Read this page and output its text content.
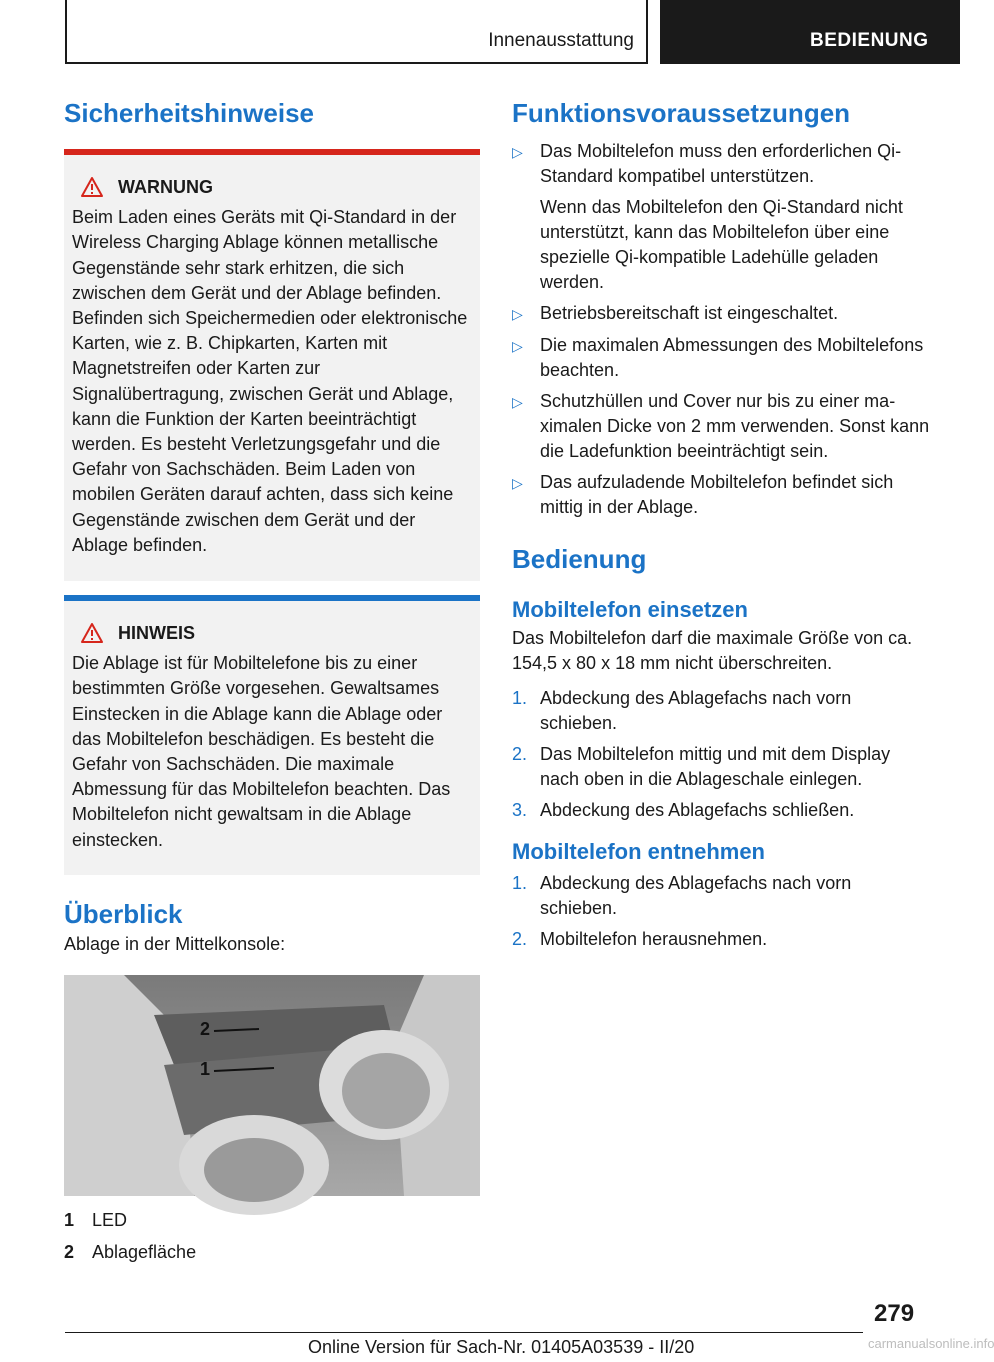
Innenausstattung	BEDIENUNG
Sicherheitshinweise
WARNUNG

Beim Laden eines Geräts mit Qi-Standard in der Wireless Charging Ablage können metallische Gegenstände sehr stark erhitzen, die sich zwischen dem Gerät und der Ablage befinden. Befinden sich Speichermedien oder elektronische Karten, wie z. B. Chipkarten, Karten mit Magnetstreifen oder Karten zur Signalübertragung, zwischen Gerät und Ablage, kann die Funktion der Karten beeinträchtigt werden. Es besteht Verletzungsgefahr und die Gefahr von Sachschäden. Beim Laden von mobilen Geräten darauf achten, dass sich keine Gegenstände zwischen dem Gerät und der Ablage befinden.

HINWEIS

Die Ablage ist für Mobiltelefone bis zu einer bestimmten Größe vorgesehen. Gewaltsames Einstecken in die Ablage kann die Ablage oder das Mobiltelefon beschädigen. Es besteht die Gefahr von Sachschäden. Die maximale Abmessung für das Mobiltelefon beachten. Das Mobiltelefon nicht gewaltsam in die Ablage einstecken.

Überblick

Ablage in der Mittelkonsole:

2
1
1 LED
2 Ablagefläche
Funktionsvoraussetzungen
▷ Das Mobiltelefon muss den erforderlichen Qi-Standard kompatibel unterstützen.

Wenn das Mobiltelefon den Qi-Standard nicht unterstützt, kann das Mobiltelefon über eine spezielle Qi-kompatible Ladehülle geladen werden.

▷ Betriebsbereitschaft ist eingeschaltet.

▷ Die maximalen Abmessungen des Mobiltelefons beachten.

▷ Schutzhüllen und Cover nur bis zu einer maximalen Dicke von 2 mm verwenden. Sonst kann die Ladefunktion beeinträchtigt sein.

▷ Das aufzuladende Mobiltelefon befindet sich mittig in der Ablage.

Bedienung
Mobiltelefon einsetzen

Das Mobiltelefon darf die maximale Größe von ca. 154,5 x 80 x 18 mm nicht überschreiten.

1. Abdeckung des Ablagefachs nach vorn schieben.
2. Das Mobiltelefon mittig und mit dem Display nach oben in die Ablageschale einlegen.
3. Abdeckung des Ablagefachs schließen.
Mobiltelefon entnehmen
1. Abdeckung des Ablagefachs nach vorn schieben.
2. Mobiltelefon herausnehmen.
279
Online Version für Sach-Nr. 01405A03539 - II/20	carmanualsonline.info
